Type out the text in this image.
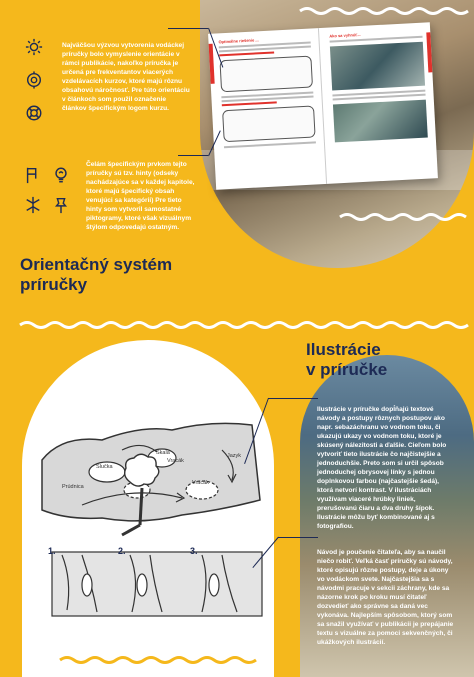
Optimálne riešenie ...
Ako sa vyhnúť...
Najväčšou výzvou vytvorenia vodáckej príručky bolo vymyslenie orientácie v rámci publikácie, nakoľko príručka je určená pre frekventantov viacerých vzdelávacích kurzov, ktoré majú rôznu obsahovú náročnosť. Pre túto orientáciu v článkoch som použil označenie článkov špecifickým logom kurzu.
Čelám špecifickým prvkom tejto príručky sú tzv. hinty (odseky nachádzajúce sa v každej kapitole, ktoré majú špecifický obsah venujúci sa kategórii) Pre tieto hinty som vytvoril samostatné piktogramy, ktoré však vizuálnym štýlom odpovedajú ostatným.
Orientačný systém
príručky
Slučka
Skala
Vracák
Jazyk
Vracák
Prúdnica
1.	2.	3.
Ilustrácie
v príručke
Ilustrácie v príručke dopĺňajú textové návody a postupy rôznych postupov ako napr. sebazáchranu vo vodnom toku, či ukazujú ukazy vo vodnom toku, ktoré je skúsený nálezitosti a ďalšie. Cieľom bolo vytvoriť tieto ilustrácie čo najčistejšie a jednoduchšie. Preto som si určil spôsob jednoduchej obrysovej línky s jednou doplnkovou farbou (najčastejšie šedá), ktorá netvorí kontrast. V ilustráciách využívam viaceré hrúbky liniek, prerušovanú čiaru a dva druhy šípok. Ilustrácie môžu byť kombinované aj s fotografiou.
Návod je poučenie čitateľa, aby sa naučil niečo robiť. Veľká časť príručky sú návody, ktoré opisujú rôzne postupy, deje a úkony vo vodáckom svete. Najčastejšia sa s návodmi pracuje v sekcii záchrany, kde sa názorne krok po kroku musí čitateľ dozvedieť ako správne sa daná vec vykonáva. Najlepším spôsobom, ktorý som sa snažil využívať v publikácii je prepájanie textu s vizuálne za pomoci sekvenčných, či ukážkových ilustrácií.
